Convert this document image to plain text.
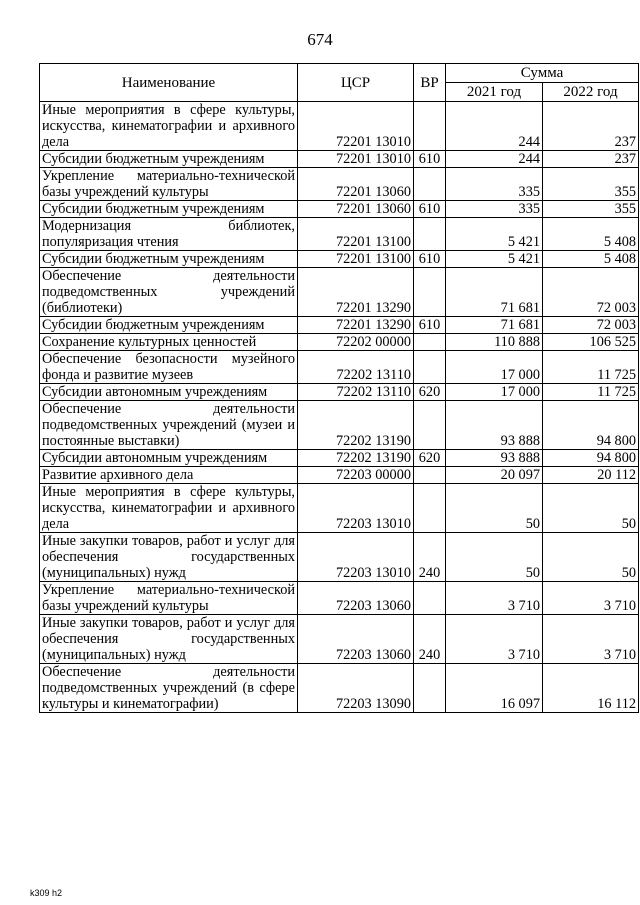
674
Наименование	ЦСР	ВР	Сумма	
			2021 год	2022 год
Иные мероприятия в сфере культуры, искусства, кинематографии и архивного дела	72201 13010		244	237
Субсидии бюджетным учреждениям	72201 13010	610	244	237
Укрепление материально-технической базы учреждений культуры	72201 13060		335	355
Субсидии бюджетным учреждениям	72201 13060	610	335	355
Модернизация библиотек, популяризация чтения	72201 13100		5 421	5 408
Субсидии бюджетным учреждениям	72201 13100	610	5 421	5 408
Обеспечение деятельности подведомственных учреждений (библиотеки)	72201 13290		71 681	72 003
Субсидии бюджетным учреждениям	72201 13290	610	71 681	72 003
Сохранение культурных ценностей	72202 00000		110 888	106 525
Обеспечение безопасности музейного фонда и развитие музеев	72202 13110		17 000	11 725
Субсидии автономным учреждениям	72202 13110	620	17 000	11 725
Обеспечение деятельности подведомственных учреждений (музеи и постоянные выставки)	72202 13190		93 888	94 800
Субсидии автономным учреждениям	72202 13190	620	93 888	94 800
Развитие архивного дела	72203 00000		20 097	20 112
Иные мероприятия в сфере культуры, искусства, кинематографии и архивного дела	72203 13010		50	50
Иные закупки товаров, работ и услуг для обеспечения государственных (муниципальных) нужд	72203 13010	240	50	50
Укрепление материально-технической базы учреждений культуры	72203 13060		3 710	3 710
Иные закупки товаров, работ и услуг для обеспечения государственных (муниципальных) нужд	72203 13060	240	3 710	3 710
Обеспечение деятельности подведомственных учреждений (в сфере культуры и кинематографии)	72203 13090		16 097	16 112
k309 h2
